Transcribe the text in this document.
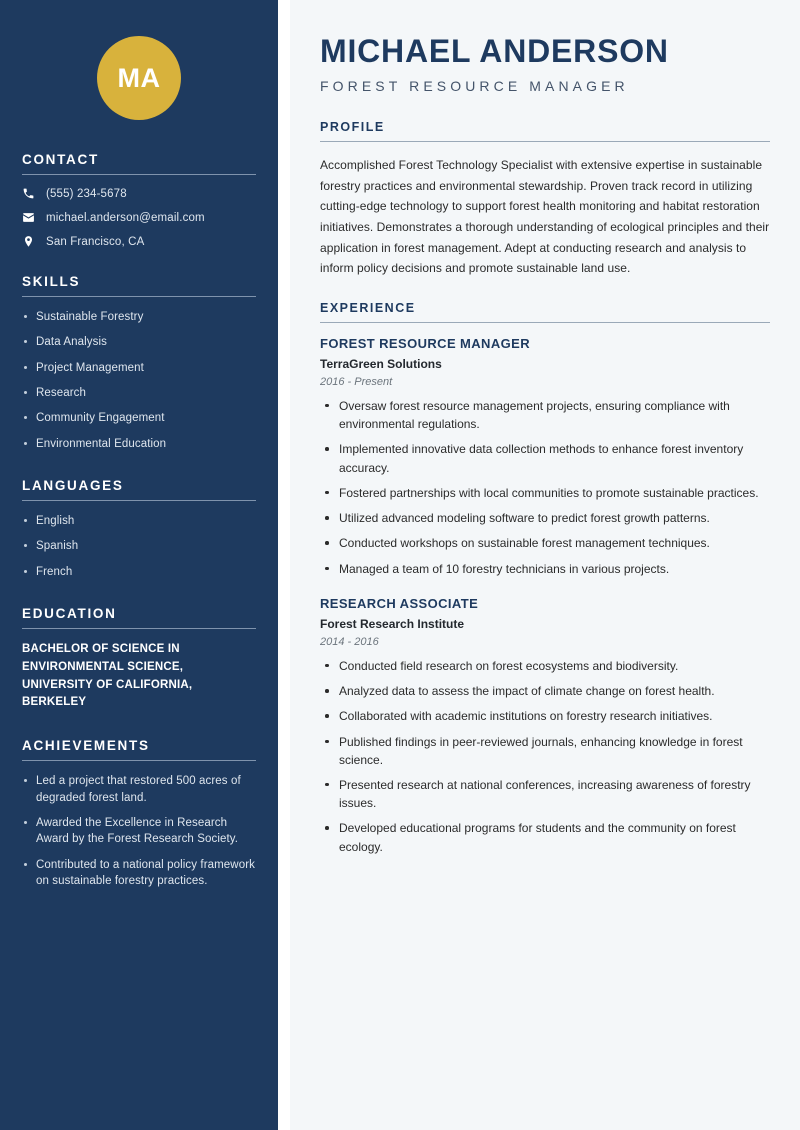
MA
CONTACT
(555) 234-5678
michael.anderson@email.com
San Francisco, CA
SKILLS
Sustainable Forestry
Data Analysis
Project Management
Research
Community Engagement
Environmental Education
LANGUAGES
English
Spanish
French
EDUCATION
BACHELOR OF SCIENCE IN ENVIRONMENTAL SCIENCE, UNIVERSITY OF CALIFORNIA, BERKELEY
ACHIEVEMENTS
Led a project that restored 500 acres of degraded forest land.
Awarded the Excellence in Research Award by the Forest Research Society.
Contributed to a national policy framework on sustainable forestry practices.
MICHAEL ANDERSON
FOREST RESOURCE MANAGER
PROFILE

Accomplished Forest Technology Specialist with extensive expertise in sustainable forestry practices and environmental stewardship. Proven track record in utilizing cutting-edge technology to support forest health monitoring and habitat restoration initiatives. Demonstrates a thorough understanding of ecological principles and their application in forest management. Adept at conducting research and analysis to inform policy decisions and promote sustainable land use.

EXPERIENCE
FOREST RESOURCE MANAGER
TerraGreen Solutions
2016 - Present
Oversaw forest resource management projects, ensuring compliance with environmental regulations.
Implemented innovative data collection methods to enhance forest inventory accuracy.
Fostered partnerships with local communities to promote sustainable practices.
Utilized advanced modeling software to predict forest growth patterns.
Conducted workshops on sustainable forest management techniques.
Managed a team of 10 forestry technicians in various projects.
RESEARCH ASSOCIATE
Forest Research Institute
2014 - 2016
Conducted field research on forest ecosystems and biodiversity.
Analyzed data to assess the impact of climate change on forest health.
Collaborated with academic institutions on forestry research initiatives.
Published findings in peer-reviewed journals, enhancing knowledge in forest science.
Presented research at national conferences, increasing awareness of forestry issues.
Developed educational programs for students and the community on forest ecology.
